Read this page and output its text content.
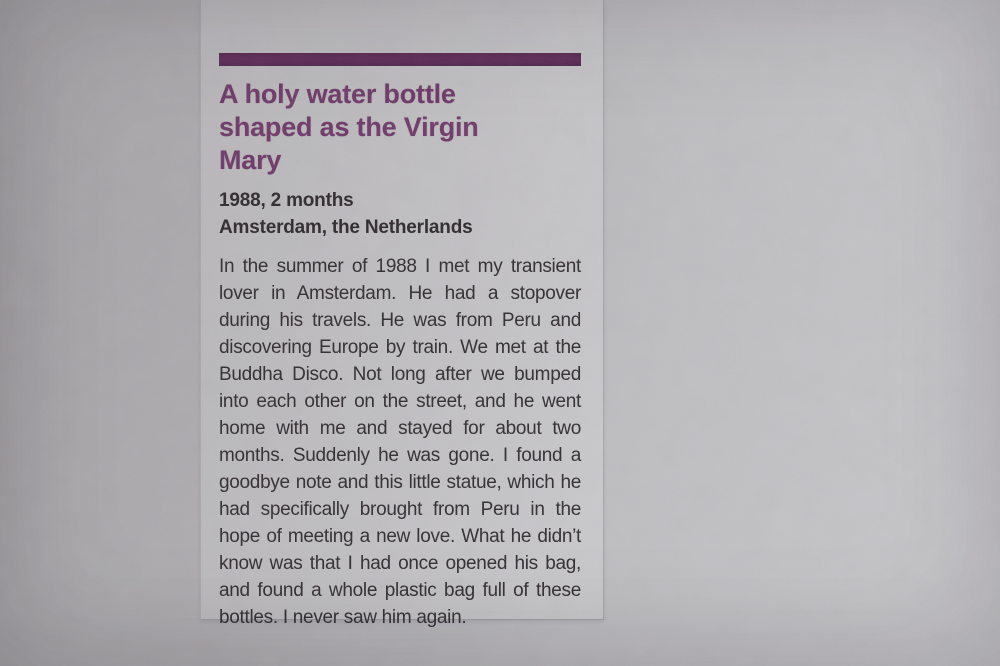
A holy water bottle
shaped as the Virgin
Mary
1988, 2 months
Amsterdam, the Netherlands

In the summer of 1988 I met my transient lover in Amsterdam. He had a stopover during his travels. He was from Peru and discovering Europe by train. We met at the Buddha Disco. Not long after we bumped into each other on the street, and he went home with me and stayed for about two months. Suddenly he was gone. I found a goodbye note and this little statue, which he had specifically brought from Peru in the hope of meeting a new love. What he didn’t know was that I had once opened his bag, and found a whole plastic bag full of these bottles. I never saw him again.
